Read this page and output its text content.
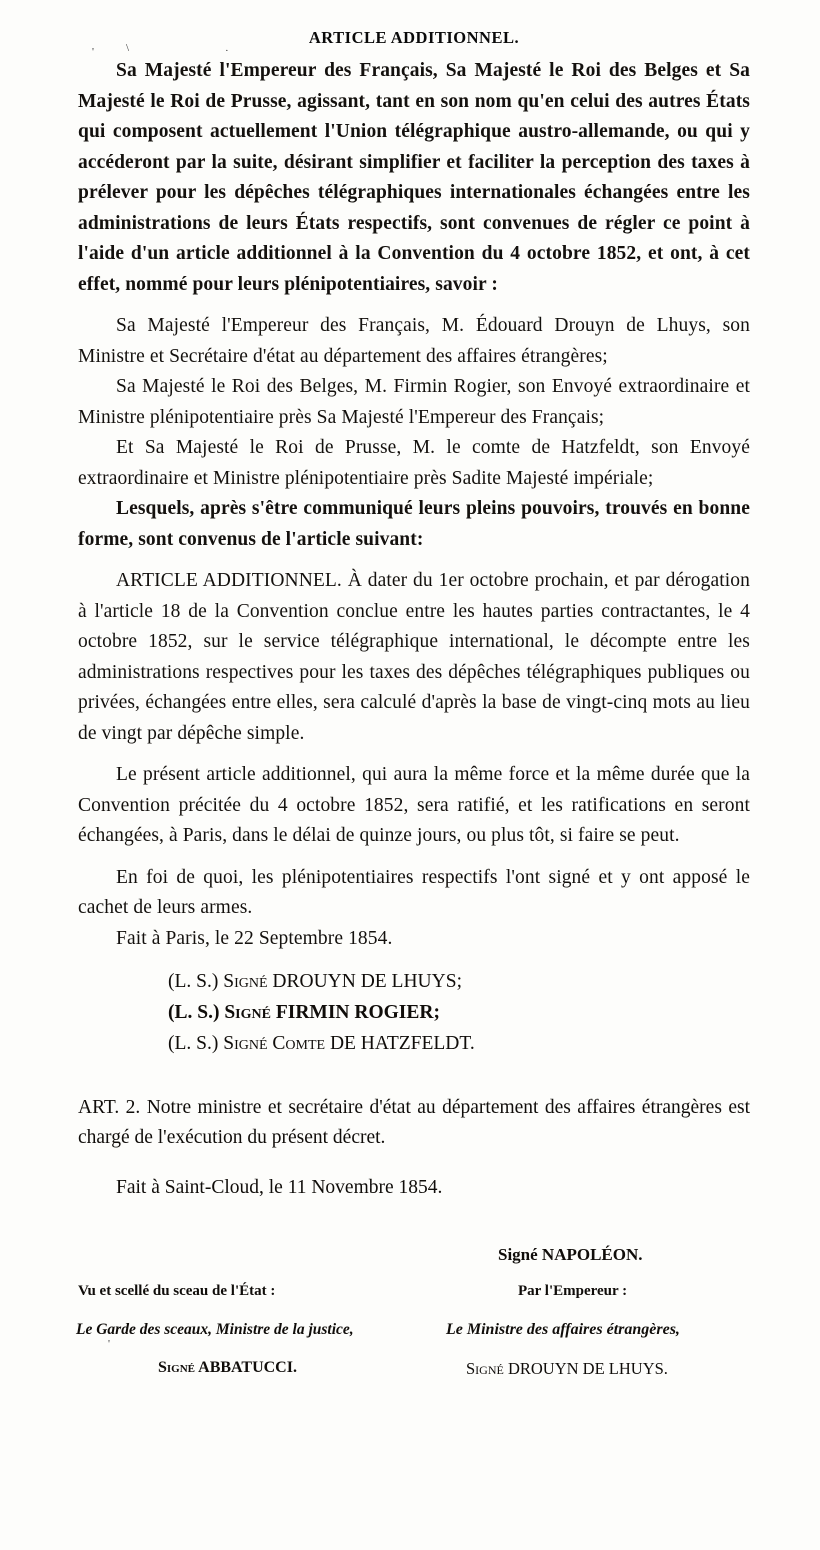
'	\	·
'
ARTICLE ADDITIONNEL.

Sa Majesté l'Empereur des Français, Sa Majesté le Roi des Belges et Sa Majesté le Roi de Prusse, agissant, tant en son nom qu'en celui des autres États qui composent actuellement l'Union télégraphique austro-allemande, ou qui y accéderont par la suite, désirant simplifier et faciliter la perception des taxes à prélever pour les dépêches télégraphiques internationales échangées entre les administrations de leurs États respectifs, sont convenues de régler ce point à l'aide d'un article additionnel à la Convention du 4 octobre 1852, et ont, à cet effet, nommé pour leurs plénipotentiaires, savoir :

Sa Majesté l'Empereur des Français, M. Édouard Drouyn de Lhuys, son Ministre et Secrétaire d'état au département des affaires étrangères;

Sa Majesté le Roi des Belges, M. Firmin Rogier, son Envoyé extraordinaire et Ministre plénipotentiaire près Sa Majesté l'Empereur des Français;

Et Sa Majesté le Roi de Prusse, M. le comte de Hatzfeldt, son Envoyé extraordinaire et Ministre plénipotentiaire près Sadite Majesté impériale;

Lesquels, après s'être communiqué leurs pleins pouvoirs, trouvés en bonne forme, sont convenus de l'article suivant:

ARTICLE ADDITIONNEL. À dater du 1er octobre prochain, et par dérogation à l'article 18 de la Convention conclue entre les hautes parties contractantes, le 4 octobre 1852, sur le service télégraphique international, le décompte entre les administrations respectives pour les taxes des dépêches télégraphiques publiques ou privées, échangées entre elles, sera calculé d'après la base de vingt-cinq mots au lieu de vingt par dépêche simple.

Le présent article additionnel, qui aura la même force et la même durée que la Convention précitée du 4 octobre 1852, sera ratifié, et les ratifications en seront échangées, à Paris, dans le délai de quinze jours, ou plus tôt, si faire se peut.

En foi de quoi, les plénipotentiaires respectifs l'ont signé et y ont apposé le cachet de leurs armes.

Fait à Paris, le 22 Septembre 1854.

(L. S.) Signé DROUYN DE LHUYS;
(L. S.) Signé FIRMIN ROGIER;
(L. S.) Signé Comte DE HATZFELDT.

ART. 2. Notre ministre et secrétaire d'état au département des affaires étrangères est chargé de l'exécution du présent décret.

Fait à Saint-Cloud, le 11 Novembre 1854.

Signé NAPOLÉON.
Vu et scellé du sceau de l'État :	Par l'Empereur :
Le Garde des sceaux, Ministre de la justice,	Le Ministre des affaires étrangères,
Signé ABBATUCCI.	Signé DROUYN DE LHUYS.
